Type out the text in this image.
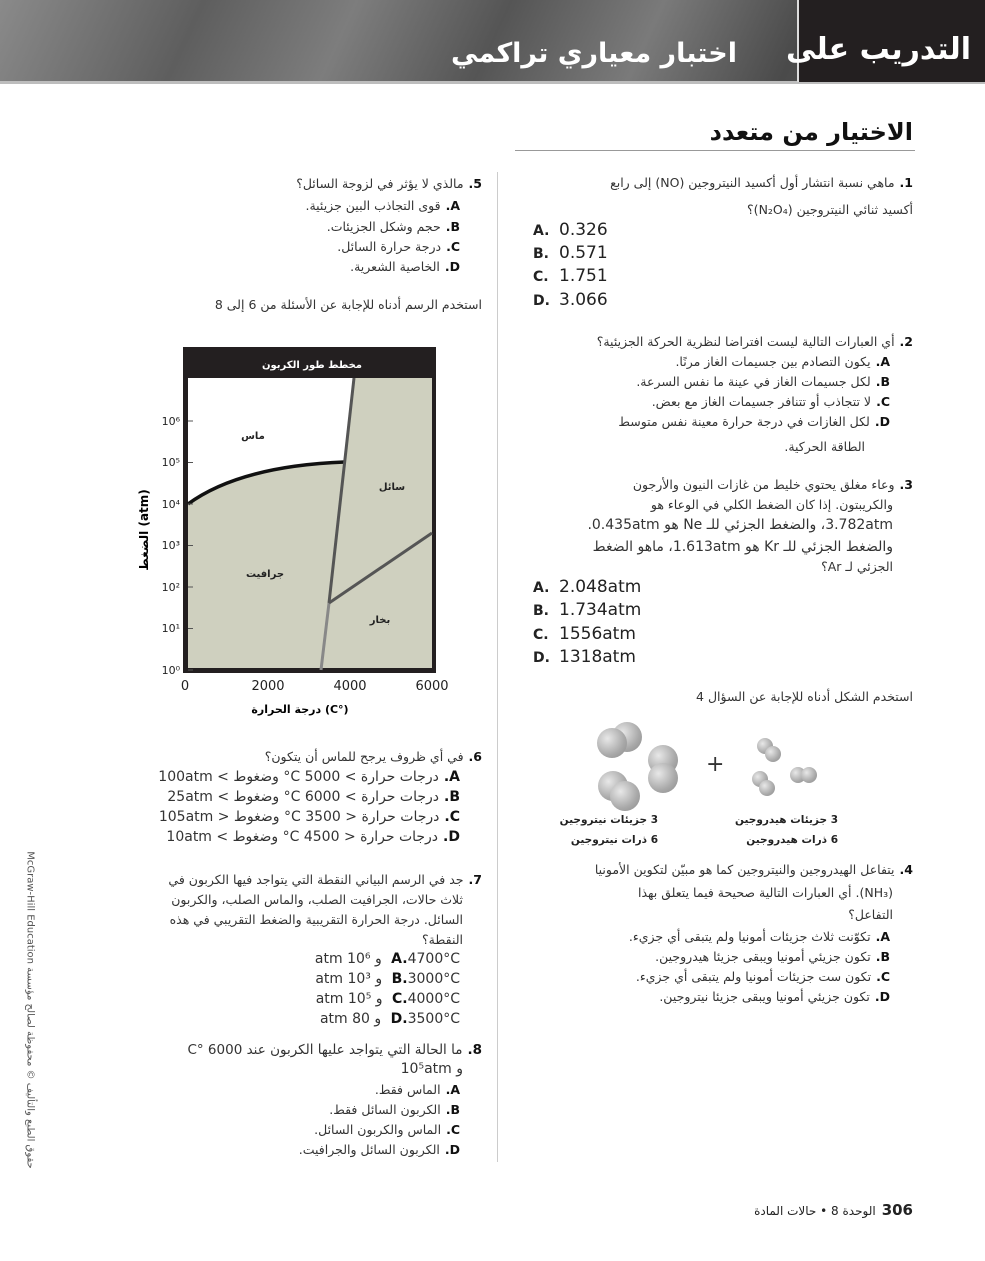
اختبار معياري تراكمي التدريب على
الاختيار من متعدد
1.ماهي نسبة انتشار أول أكسيد النيتروجين (NO) إلى رابع
أكسيد ثنائي النيتروجين (N₂O₄)؟
A. 0.326
B. 0.571
C. 1.751
D. 3.066
2.أي العبارات التالية ليست افتراضا لنظرية الحركة الجزيئية؟
A.يكون التصادم بين جسيمات الغاز مرنًا.
B.لكل جسيمات الغاز في عينة ما نفس السرعة.
C.لا تتجاذب أو تتنافر جسيمات الغاز مع بعض.
D.لكل الغازات في درجة حرارة معينة نفس متوسط
الطاقة الحركية.
3.وعاء مغلق يحتوي خليط من غازات النيون والأرجون
والكريبتون. إذا كان الضغط الكلي في الوعاء هو
3.782atm، والضغط الجزئي للـ Ne هو 0.435atm.
والضغط الجزئي للـ Kr هو 1.613atm، ماهو الضغط
الجزئي لـ Ar؟
A. 2.048atm
B. 1.734atm
C. 1556atm
D. 1318atm
استخدم الشكل أدناه للإجابة عن السؤال 4
+
3 جزيئات نيتروجين
6 ذرات نيتروجين
3 جزيئات هيدروجين
6 ذرات هيدروجين
4.يتفاعل الهيدروجين والنيتروجين كما هو مبيّن لتكوين الأمونيا
(NH₃). أي العبارات التالية صحيحة فيما يتعلق بهذا
التفاعل؟
A.تكوّنت ثلاث جزيئات أمونيا ولم يتبقى أي جزيء.
B.تكون جزيئي أمونيا ويبقى جزيئا هيدروجين.
C.تكون ست جزيئات أمونيا ولم يتبقى أي جزيء.
D.تكون جزيئي أمونيا ويبقى جزيئا نيتروجين.
5.مالذي لا يؤثر في لزوجة السائل؟
A.قوى التجاذب البين جزيئية.
B.حجم وشكل الجزيئات.
C.درجة حرارة السائل.
D.الخاصية الشعرية.
استخدم الرسم أدناه للإجابة عن الأسئلة من 6 إلى 8
مخطط طور الكربون
10⁰
10¹
10²
10³
10⁴
10⁵
10⁶
0	2000	4000	6000
درجة الحرارة (C°)
الضغط (atm)
ماس
سائل
جرافيت
بخار
6.في أي ظروف يرجح للماس أن يتكون؟
A.درجات حرارة > 5000 C° وضغوط > 100atm
B.درجات حرارة > 6000 C° وضغوط > 25atm
C.درجات حرارة < 3500 C° وضغوط < 105atm
D.درجات حرارة < 4500 C° وضغوط > 10atm
7.جد في الرسم البياني النقطة التي يتواجد فيها الكربون في
ثلاث حالات، الجرافيت الصلب، والماس الصلب، والكربون
السائل. درجة الحرارة التقريبية والضغط التقريبي في هذه
النقطة؟
A.4700°C و 10⁶ atm
B.3000°C و 10³ atm
C.4000°C و 10⁵ atm
D.3500°C و 80 atm
8.ما الحالة التي يتواجد عليها الكربون عند 6000 °C
و 10⁵atm
A.الماس فقط.
B.الكربون السائل فقط.
C.الماس والكربون السائل.
D.الكربون السائل والجرافيت.
McGraw-Hill Education حقوق الطبع والتأليف © محفوظة لصالح مؤسسة
306الوحدة 8 • حالات المادة
